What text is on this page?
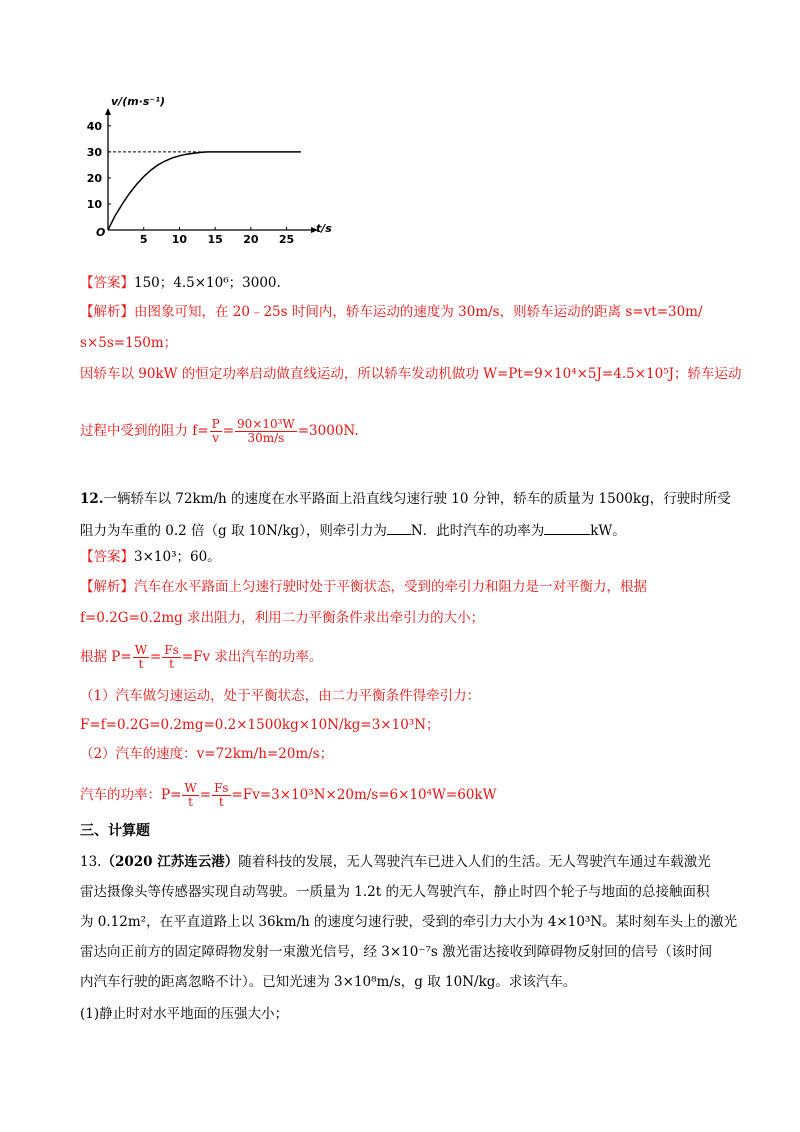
O	t/s
v/(m·s⁻¹)
5 10 15 20 25
10
20
30
40
【答案】150；4.5×10⁶；3000.
【解析】由图象可知，在 20﹣25s 时间内，轿车运动的速度为 30m/s，则轿车运动的距离 s=vt=30m/
s×5s=150m；
因轿车以 90kW 的恒定功率启动做直线运动，所以轿车发动机做功 W=Pt=9×10⁴×5J=4.5×10⁵J；轿车运动
过程中受到的阻力 $f= \frac{P}{v} = \frac{\text{90×10³W}}{30m/s} =3000N$.
12.一辆轿车以 72km/h 的速度在水平路面上沿直线匀速行驶 10 分钟，轿车的质量为 1500kg，行驶时所受
阻力为车重的 0.2 倍（g 取 10N/kg），则牵引力为 N．此时汽车的功率为	kW。
【答案】3×10³；60。
【解析】汽车在水平路面上匀速行驶时处于平衡状态，受到的牵引力和阻力是一对平衡力，根据
f=0.2G=0.2mg 求出阻力，利用二力平衡条件求出牵引力的大小；
根据 $P= \frac{W}{t} = \frac{Fs}{t} =Fv$ 求出汽车的功率。
（1）汽车做匀速运动，处于平衡状态，由二力平衡条件得牵引力：
F=f=0.2G=0.2mg=0.2×1500kg×10N/kg=3×10³N；
（2）汽车的速度：v=72km/h=20m/s；
汽车的功率：$P= \frac{W}{t} = \frac{Fs}{t} =Fv=3\times 10^3N\times 20m/s=6\times 10^4W=60kW$
三、计算题
13.（2020 江苏连云港）随着科技的发展，无人驾驶汽车已进入人们的生活。无人驾驶汽车通过车载激光
雷达摄像头等传感器实现自动驾驶。一质量为 1.2t 的无人驾驶汽车，静止时四个轮子与地面的总接触面积
为 0.12m²，在平直道路上以 36km/h 的速度匀速行驶，受到的牵引力大小为 4×10³N。某时刻车头上的激光
雷达向正前方的固定障碍物发射一束激光信号，经 3×10⁻⁷s 激光雷达接收到障碍物反射回的信号（该时间
内汽车行驶的距离忽略不计）。已知光速为 3×10⁸m/s，g 取 10N/kg。求该汽车。
(1)静止时对水平地面的压强大小；
